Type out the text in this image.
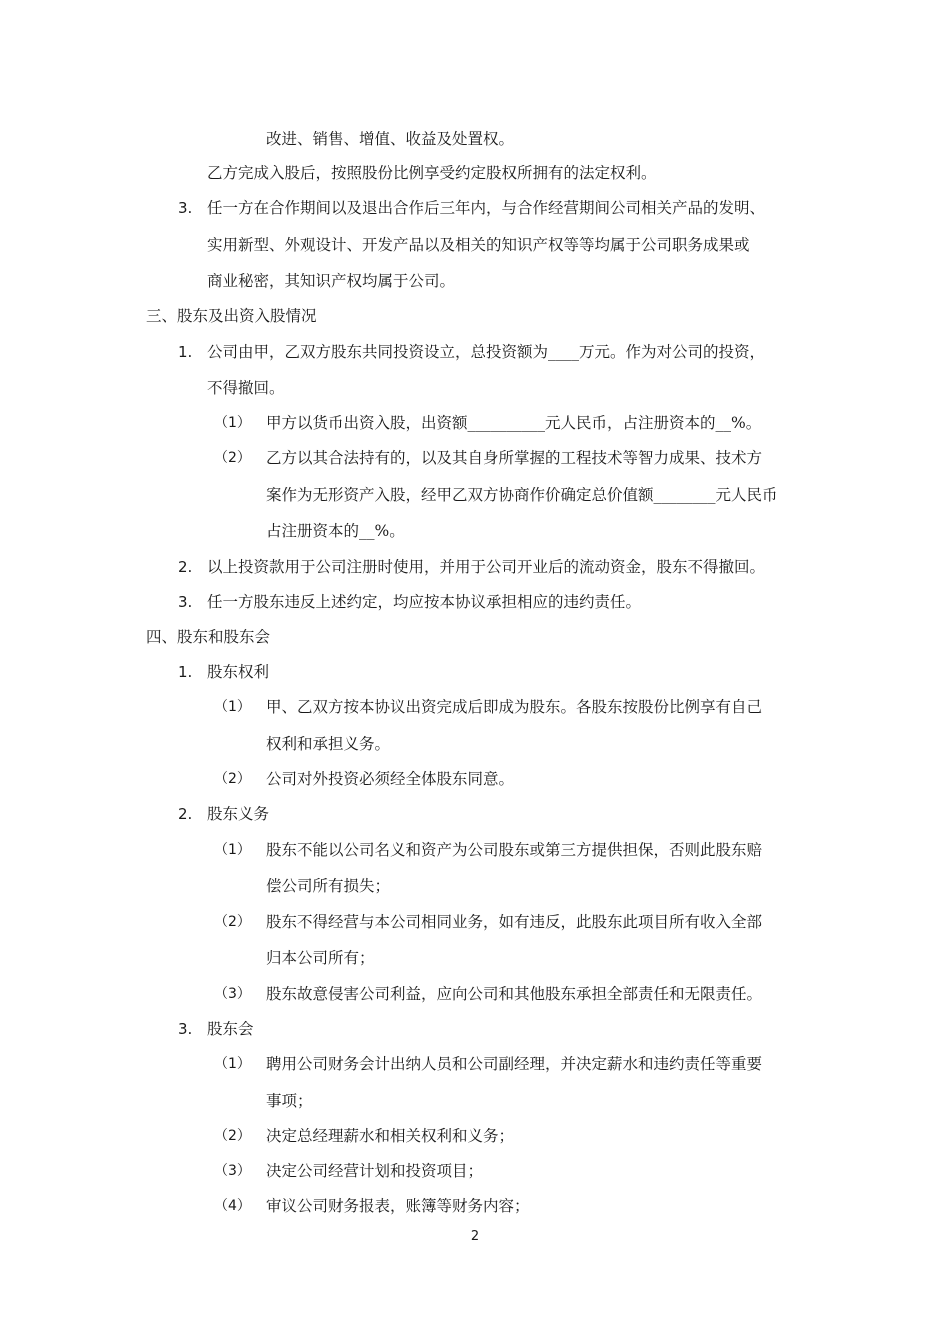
改进、销售、增值、收益及处置权。
乙方完成入股后，按照股份比例享受约定股权所拥有的法定权利。
3. 任一方在合作期间以及退出合作后三年内，与合作经营期间公司相关产品的发明、
实用新型、外观设计、开发产品以及相关的知识产权等等均属于公司职务成果或
商业秘密，其知识产权均属于公司。
三、股东及出资入股情况
1. 公司由甲，乙双方股东共同投资设立，总投资额为____万元。作为对公司的投资，
不得撤回。
（1） 甲方以货币出资入股，出资额__________元人民币，占注册资本的__%。
（2） 乙方以其合法持有的，以及其自身所掌握的工程技术等智力成果、技术方
案作为无形资产入股，经甲乙双方协商作价确定总价值额________元人民币
占注册资本的__%。
2. 以上投资款用于公司注册时使用，并用于公司开业后的流动资金，股东不得撤回。
3. 任一方股东违反上述约定，均应按本协议承担相应的违约责任。
四、股东和股东会
1. 股东权利
（1） 甲、乙双方按本协议出资完成后即成为股东。各股东按股份比例享有自己
权利和承担义务。
（2） 公司对外投资必须经全体股东同意。
2. 股东义务
（1） 股东不能以公司名义和资产为公司股东或第三方提供担保，否则此股东赔
偿公司所有损失；
（2） 股东不得经营与本公司相同业务，如有违反，此股东此项目所有收入全部
归本公司所有；
（3） 股东故意侵害公司利益，应向公司和其他股东承担全部责任和无限责任。
3. 股东会
（1） 聘用公司财务会计出纳人员和公司副经理，并决定薪水和违约责任等重要
事项；
（2） 决定总经理薪水和相关权利和义务；
（3） 决定公司经营计划和投资项目；
（4） 审议公司财务报表，账簿等财务内容；
2
